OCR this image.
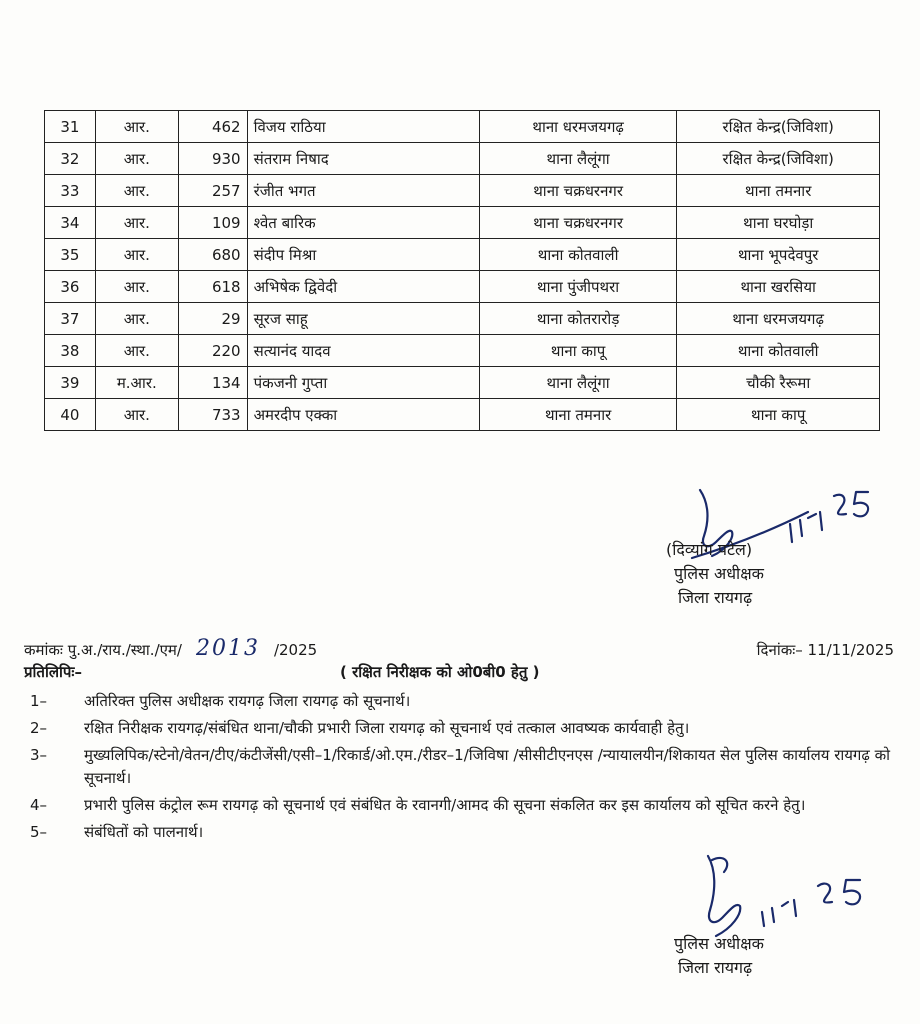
31	आर.	462	विजय राठिया	थाना धरमजयगढ़	रक्षित केन्द्र(जिविशा)
32	आर.	930	संतराम निषाद	थाना लैलूंगा	रक्षित केन्द्र(जिविशा)
33	आर.	257	रंजीत भगत	थाना चक्रधरनगर	थाना तमनार
34	आर.	109	श्वेत बारिक	थाना चक्रधरनगर	थाना घरघोड़ा
35	आर.	680	संदीप मिश्रा	थाना कोतवाली	थाना भूपदेवपुर
36	आर.	618	अभिषेक द्विवेदी	थाना पुंजीपथरा	थाना खरसिया
37	आर.	29	सूरज साहू	थाना कोतरारोड़	थाना धरमजयगढ़
38	आर.	220	सत्यानंद यादव	थाना कापू	थाना कोतवाली
39	म.आर.	134	पंकजनी गुप्ता	थाना लैलूंगा	चौकी रैरूमा
40	आर.	733	अमरदीप एक्का	थाना तमनार	थाना कापू
(दिव्यांग पटेल)
पुलिस अधीक्षक
जिला रायगढ़
कमांकः पु.अ./राय./स्था./एम/ 2013 /2025	दिनांकः– 11/11/2025
प्रतिलिपिः–	( रक्षित निरीक्षक को ओ0बी0 हेतु )
1– अतिरिक्त पुलिस अधीक्षक रायगढ़ जिला रायगढ़ को सूचनार्थ।
2– रक्षित निरीक्षक रायगढ़/संबंधित थाना/चौकी प्रभारी जिला रायगढ़ को सूचनार्थ एवं तत्काल आवष्यक कार्यवाही हेतु।
3– मुख्यलिपिक/स्टेनो/वेतन/टीए/कंटीजेंसी/एसी–1/रिकार्ड/ओ.एम./रीडर–1/जिविषा /सीसीटीएनएस /न्यायालयीन/शिकायत सेल पुलिस कार्यालय रायगढ़ को सूचनार्थ।
4– प्रभारी पुलिस कंट्रोल रूम रायगढ़ को सूचनार्थ एवं संबंधित के रवानगी/आमद की सूचना संकलित कर इस कार्यालय को सूचित करने हेतु।
5– संबंधितों को पालनार्थ।
पुलिस अधीक्षक
जिला रायगढ़
